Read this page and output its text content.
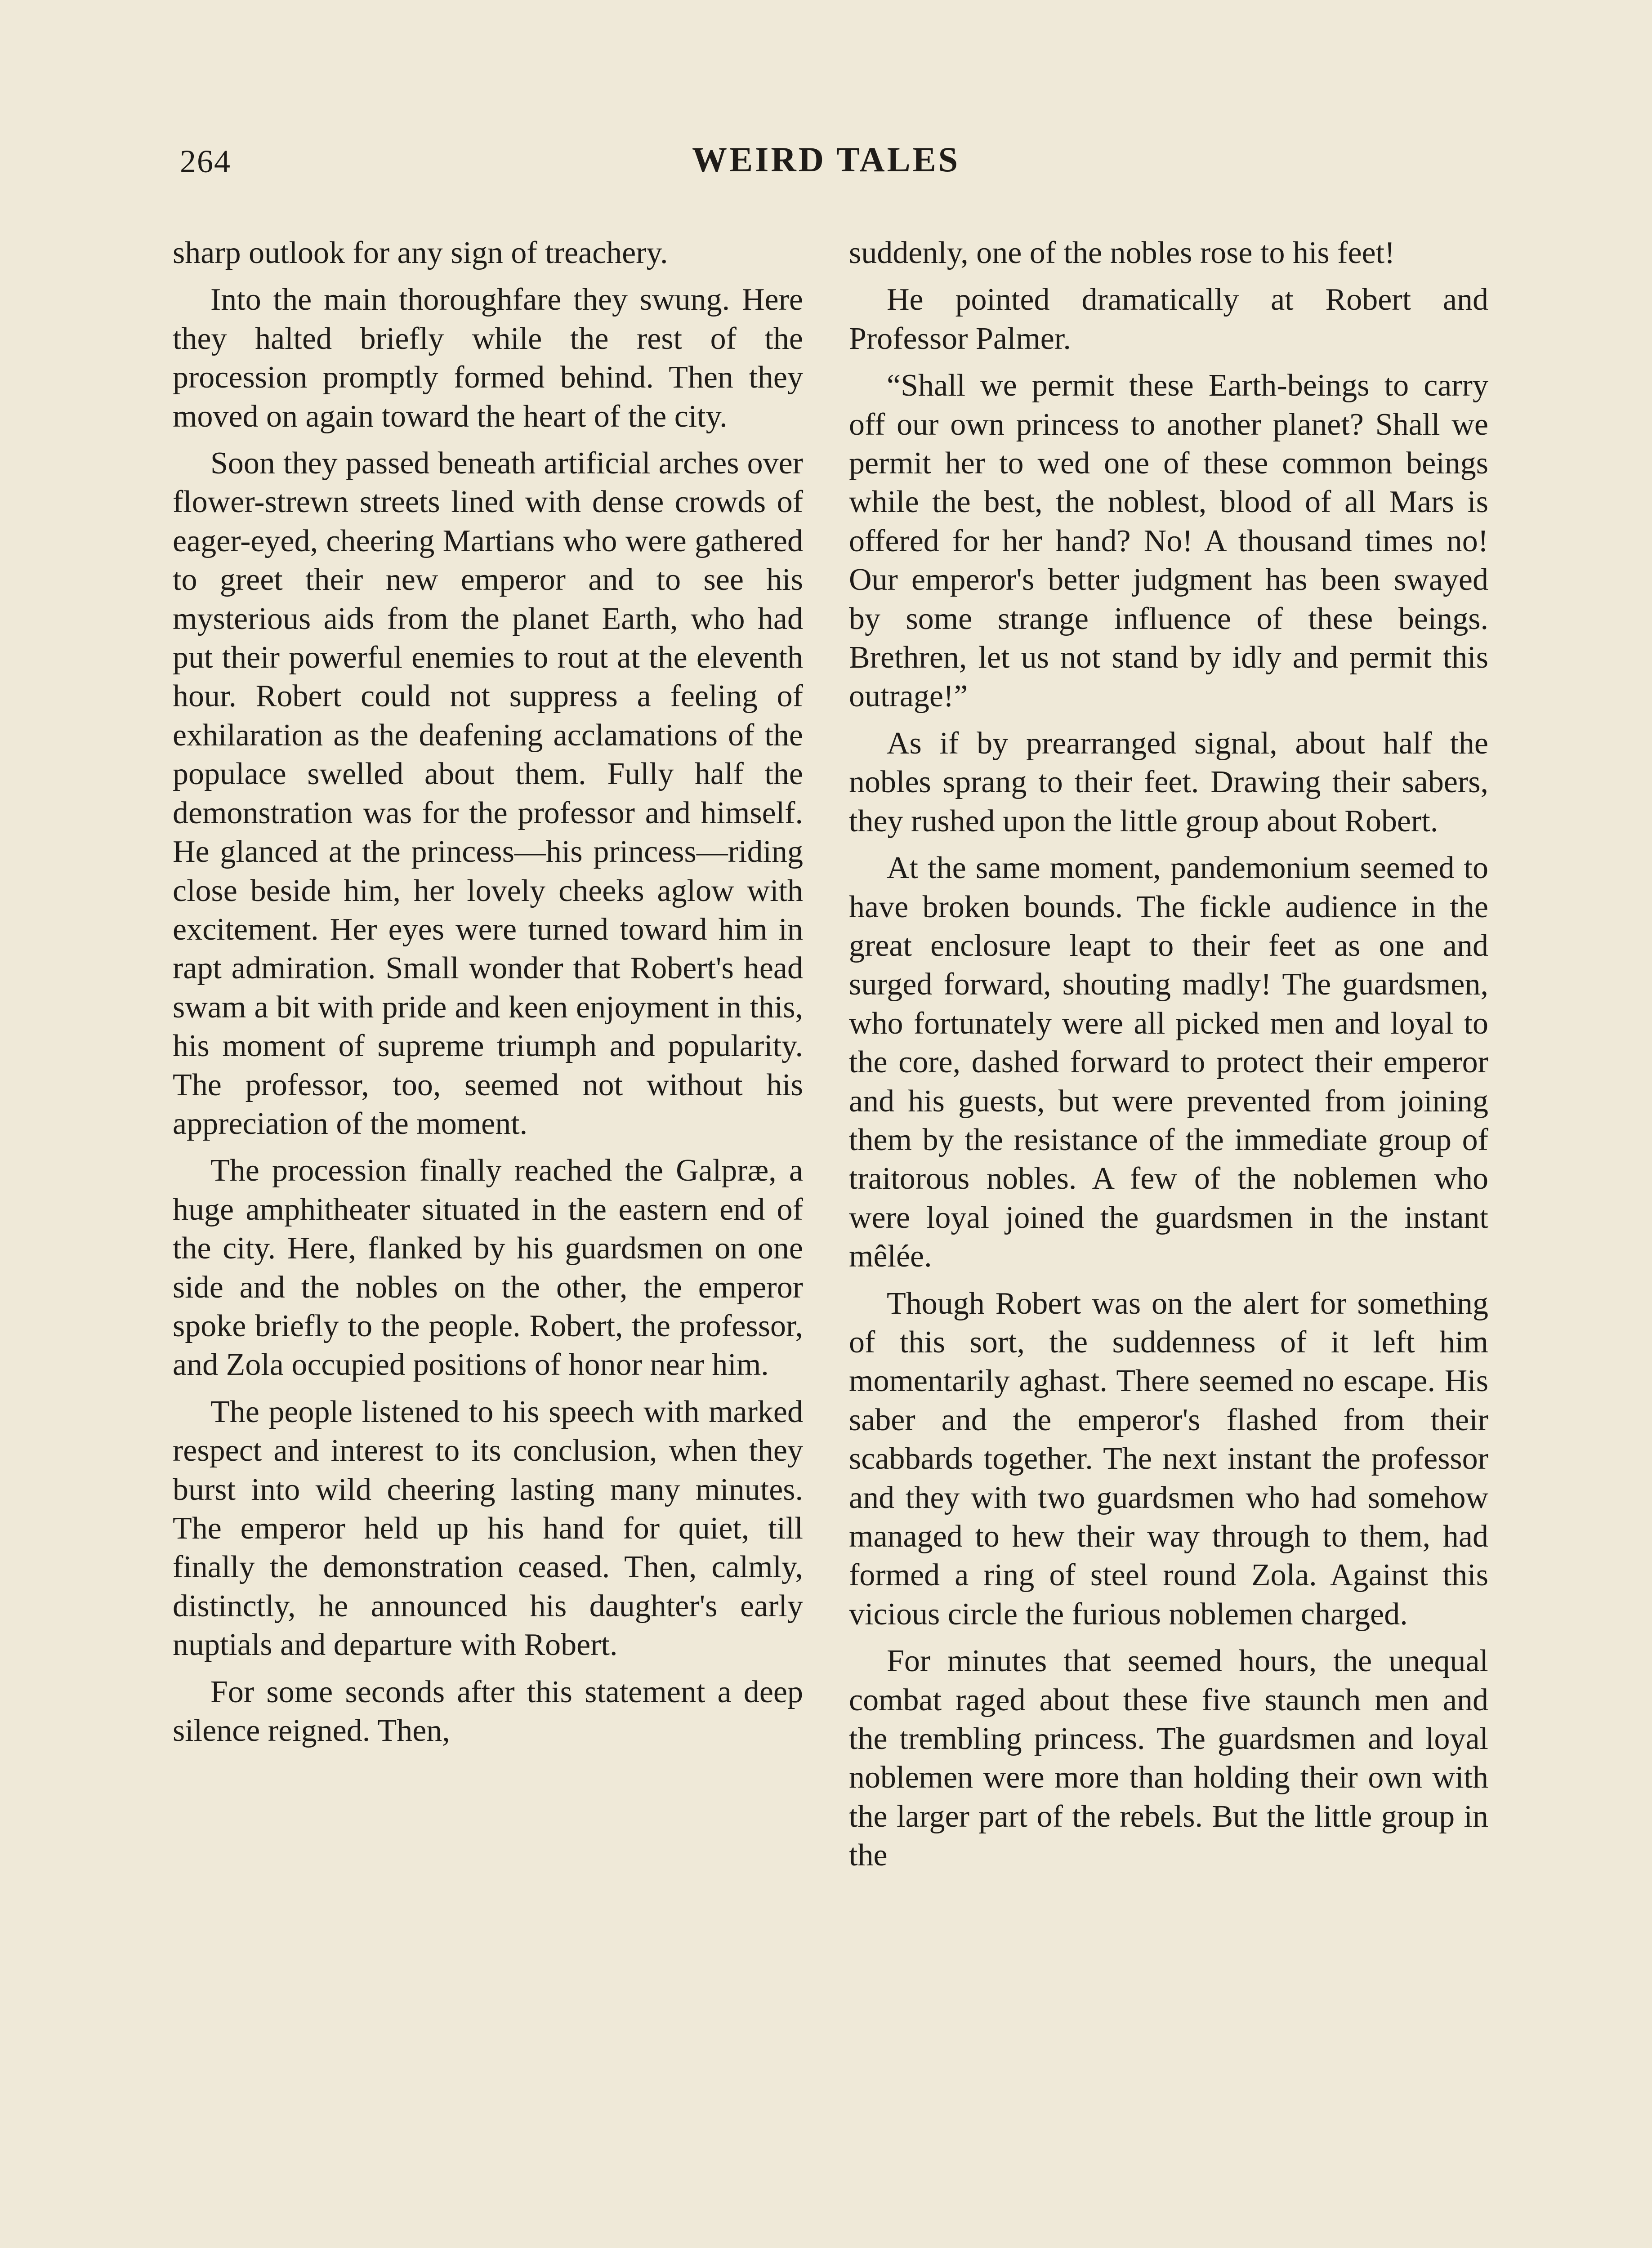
264	WEIRD TALES

sharp outlook for any sign of treachery.

Into the main thoroughfare they swung. Here they halted briefly while the rest of the procession promptly formed behind. Then they moved on again toward the heart of the city.

Soon they passed beneath artificial arches over flower-strewn streets lined with dense crowds of eager-eyed, cheering Martians who were gathered to greet their new emperor and to see his mysterious aids from the planet Earth, who had put their powerful enemies to rout at the eleventh hour. Robert could not suppress a feeling of exhilaration as the deafening acclamations of the populace swelled about them. Fully half the demonstration was for the professor and himself. He glanced at the princess—his princess—riding close beside him, her lovely cheeks aglow with excitement. Her eyes were turned toward him in rapt admiration. Small wonder that Robert's head swam a bit with pride and keen enjoyment in this, his moment of supreme triumph and popularity. The professor, too, seemed not without his appreciation of the moment.

The procession finally reached the Galpræ, a huge amphitheater situated in the eastern end of the city. Here, flanked by his guardsmen on one side and the nobles on the other, the emperor spoke briefly to the people. Robert, the professor, and Zola occupied positions of honor near him.

The people listened to his speech with marked respect and interest to its conclusion, when they burst into wild cheering lasting many minutes. The emperor held up his hand for quiet, till finally the demonstration ceased. Then, calmly, distinctly, he announced his daughter's early nuptials and departure with Robert.

For some seconds after this statement a deep silence reigned. Then,

suddenly, one of the nobles rose to his feet!

He pointed dramatically at Robert and Professor Palmer.

“Shall we permit these Earth-beings to carry off our own princess to another planet? Shall we permit her to wed one of these common beings while the best, the noblest, blood of all Mars is offered for her hand? No! A thousand times no! Our emperor's better judgment has been swayed by some strange influence of these beings. Brethren, let us not stand by idly and permit this outrage!”

As if by prearranged signal, about half the nobles sprang to their feet. Drawing their sabers, they rushed upon the little group about Robert.

At the same moment, pandemonium seemed to have broken bounds. The fickle audience in the great enclosure leapt to their feet as one and surged forward, shouting madly! The guardsmen, who fortunately were all picked men and loyal to the core, dashed forward to protect their emperor and his guests, but were prevented from joining them by the resistance of the immediate group of traitorous nobles. A few of the noblemen who were loyal joined the guardsmen in the instant mêlée.

Though Robert was on the alert for something of this sort, the suddenness of it left him momentarily aghast. There seemed no escape. His saber and the emperor's flashed from their scabbards together. The next instant the professor and they with two guardsmen who had somehow managed to hew their way through to them, had formed a ring of steel round Zola. Against this vicious circle the furious noblemen charged.

For minutes that seemed hours, the unequal combat raged about these five staunch men and the trembling princess. The guardsmen and loyal noblemen were more than holding their own with the larger part of the rebels. But the little group in the
